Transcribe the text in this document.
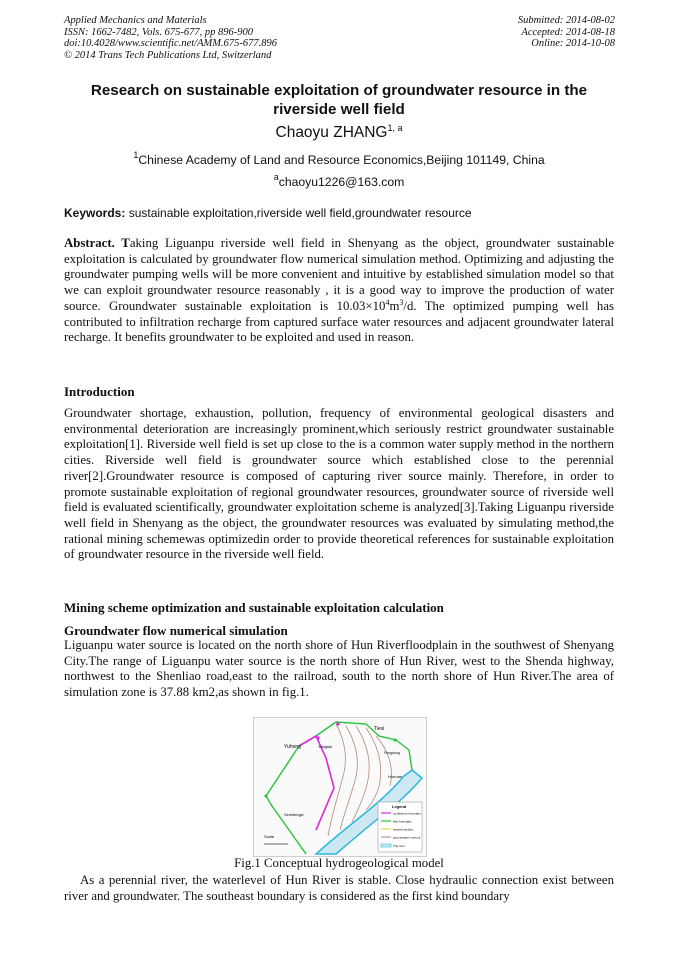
Applied Mechanics and Materials
ISSN: 1662-7482, Vols. 675-677, pp 896-900
doi:10.4028/www.scientific.net/AMM.675-677.896
© 2014 Trans Tech Publications Ltd, Switzerland
Submitted: 2014-08-02
Accepted: 2014-08-18
Online: 2014-10-08
Research on sustainable exploitation of groundwater resource in the
riverside well field
Chaoyu ZHANG$^{1, a}$
$^1$Chinese Academy of Land and Resource Economics,Beijing 101149, China
$^a$chaoyu1226@163.com
Keywords: sustainable exploitation,riverside well field,groundwater resource
Abstract. Taking Liguanpu riverside well field in Shenyang as the object, groundwater sustainable exploitation is calculated by groundwater flow numerical simulation method. Optimizing and adjusting the groundwater pumping wells will be more convenient and intuitive by established simulation model so that we can exploit groundwater resource reasonably , it is a good way to improve the production of water source. Groundwater sustainable exploitation is $10.03\times 10^4m^3/d$. The optimized pumping well has contributed to infiltration recharge from captured surface water resources and adjacent groundwater lateral recharge. It benefits groundwater to be exploited and used in reason.
Introduction
Groundwater shortage, exhaustion, pollution, frequency of environmental geological disasters and environmental deterioration are increasingly prominent,which seriously restrict groundwater sustainable exploitation[1]. Riverside well field is set up close to the is a common water supply method in the northern cities. Riverside well field is groundwater source which established close to the perennial river[2].Groundwater resource is composed of capturing river source mainly. Therefore, in order to promote sustainable exploitation of regional groundwater resources, groundwater source of riverside well field is evaluated scientifically, groundwater exploitation scheme is analyzed[3].Taking Liguanpu riverside well field in Shenyang as the object, the groundwater resources was evaluated by simulating method,the rational mining schemewas optimizedin order to provide theoretical references for sustainable exploitation of groundwater resource in the riverside well field.
Mining scheme optimization and sustainable exploitation calculation
Groundwater flow numerical simulation
Liguanpu water source is located on the north shore of Hun Riverfloodplain in the southwest of Shenyang City.The range of Liguanpu water source is the north shore of Hun River, west to the Shenda highway, northwest to the Shenliao road,east to the railroad, south to the north shore of Hun River.The area of simulation zone is 37.88 km2,as shown in fig.1.
Tiexi
Yuhong	Yangshi
Fengdong
Hunnan
Xinshengzi
Scale
Legend
confluence boundary
flow boundary
head boundary
groundwater contour
The river
Fig.1 Conceptual hydrogeological model
As a perennial river, the waterlevel of Hun River is stable. Close hydraulic connection exist between river and groundwater. The southeast boundary is considered as the first kind boundary
